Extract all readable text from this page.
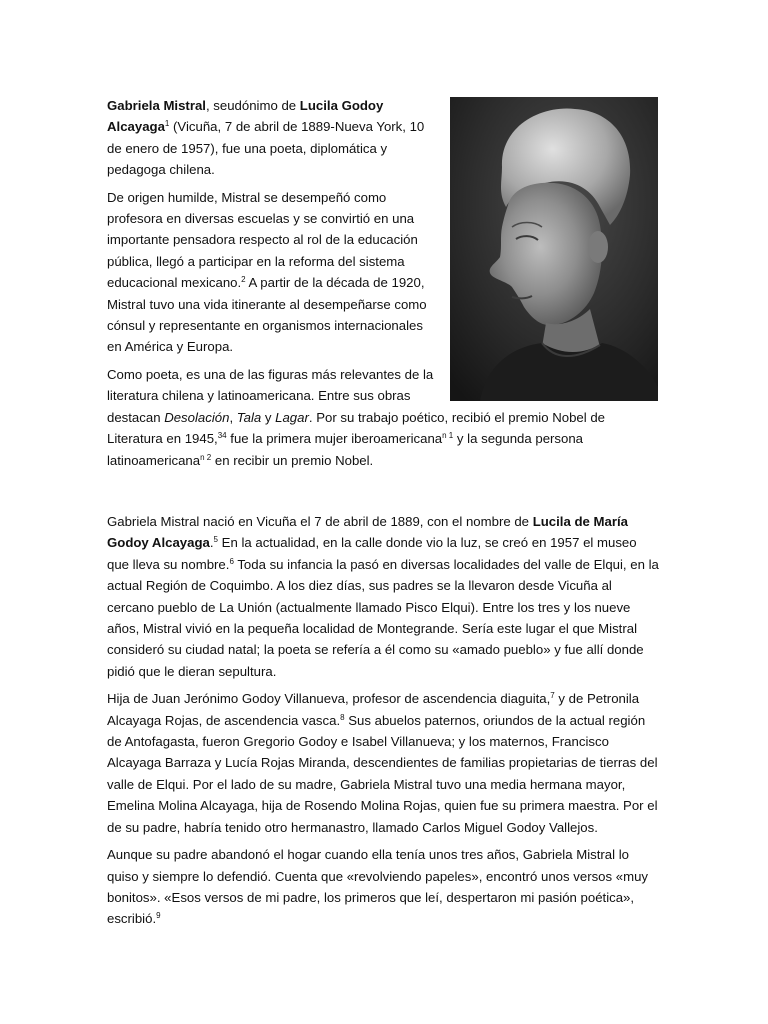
Gabriela Mistral, seudónimo de Lucila Godoy Alcayaga$^1$ (Vicuña, 7 de abril de 1889-Nueva York, 10 de enero de 1957), fue una poeta, diplomática y pedagoga chilena.

De origen humilde, Mistral se desempeñó como profesora en diversas escuelas y se convirtió en una importante pensadora respecto al rol de la educación pública, llegó a participar en la reforma del sistema educacional mexicano.$^2$ A partir de la década de 1920, Mistral tuvo una vida itinerante al desempeñarse como cónsul y representante en organismos internacionales en América y Europa.

Como poeta, es una de las figuras más relevantes de la literatura chilena y latinoamericana. Entre sus obras
destacan Desolación, Tala y Lagar. Por su trabajo poético, recibió el premio Nobel de Literatura en 1945,34 fue la primera mujer iberoamericana$^{n 1}$ y la segunda persona latinoamericana$^{n 2}$ en recibir un premio Nobel.

Gabriela Mistral nació en Vicuña el 7 de abril de 1889, con el nombre de Lucila de María Godoy Alcayaga.$^5$ En la actualidad, en la calle donde vio la luz, se creó en 1957 el museo que lleva su nombre.$^6$ Toda su infancia la pasó en diversas localidades del valle de Elqui, en la actual Región de Coquimbo. A los diez días, sus padres se la llevaron desde Vicuña al cercano pueblo de La Unión (actualmente llamado Pisco Elqui). Entre los tres y los nueve años, Mistral vivió en la pequeña localidad de Montegrande. Sería este lugar el que Mistral consideró su ciudad natal; la poeta se refería a él como su «amado pueblo» y fue allí donde pidió que le dieran sepultura.

Hija de Juan Jerónimo Godoy Villanueva, profesor de ascendencia diaguita,$^7$ y de Petronila Alcayaga Rojas, de ascendencia vasca.$^8$ Sus abuelos paternos, oriundos de la actual región de Antofagasta, fueron Gregorio Godoy e Isabel Villanueva; y los maternos, Francisco Alcayaga Barraza y Lucía Rojas Miranda, descendientes de familias propietarias de tierras del valle de Elqui. Por el lado de su madre, Gabriela Mistral tuvo una media hermana mayor, Emelina Molina Alcayaga, hija de Rosendo Molina Rojas, quien fue su primera maestra. Por el de su padre, habría tenido otro hermanastro, llamado Carlos Miguel Godoy Vallejos.

Aunque su padre abandonó el hogar cuando ella tenía unos tres años, Gabriela Mistral lo quiso y siempre lo defendió. Cuenta que «revolviendo papeles», encontró unos versos «muy bonitos». «Esos versos de mi padre, los primeros que leí, despertaron mi pasión poética», escribió.$^9$
